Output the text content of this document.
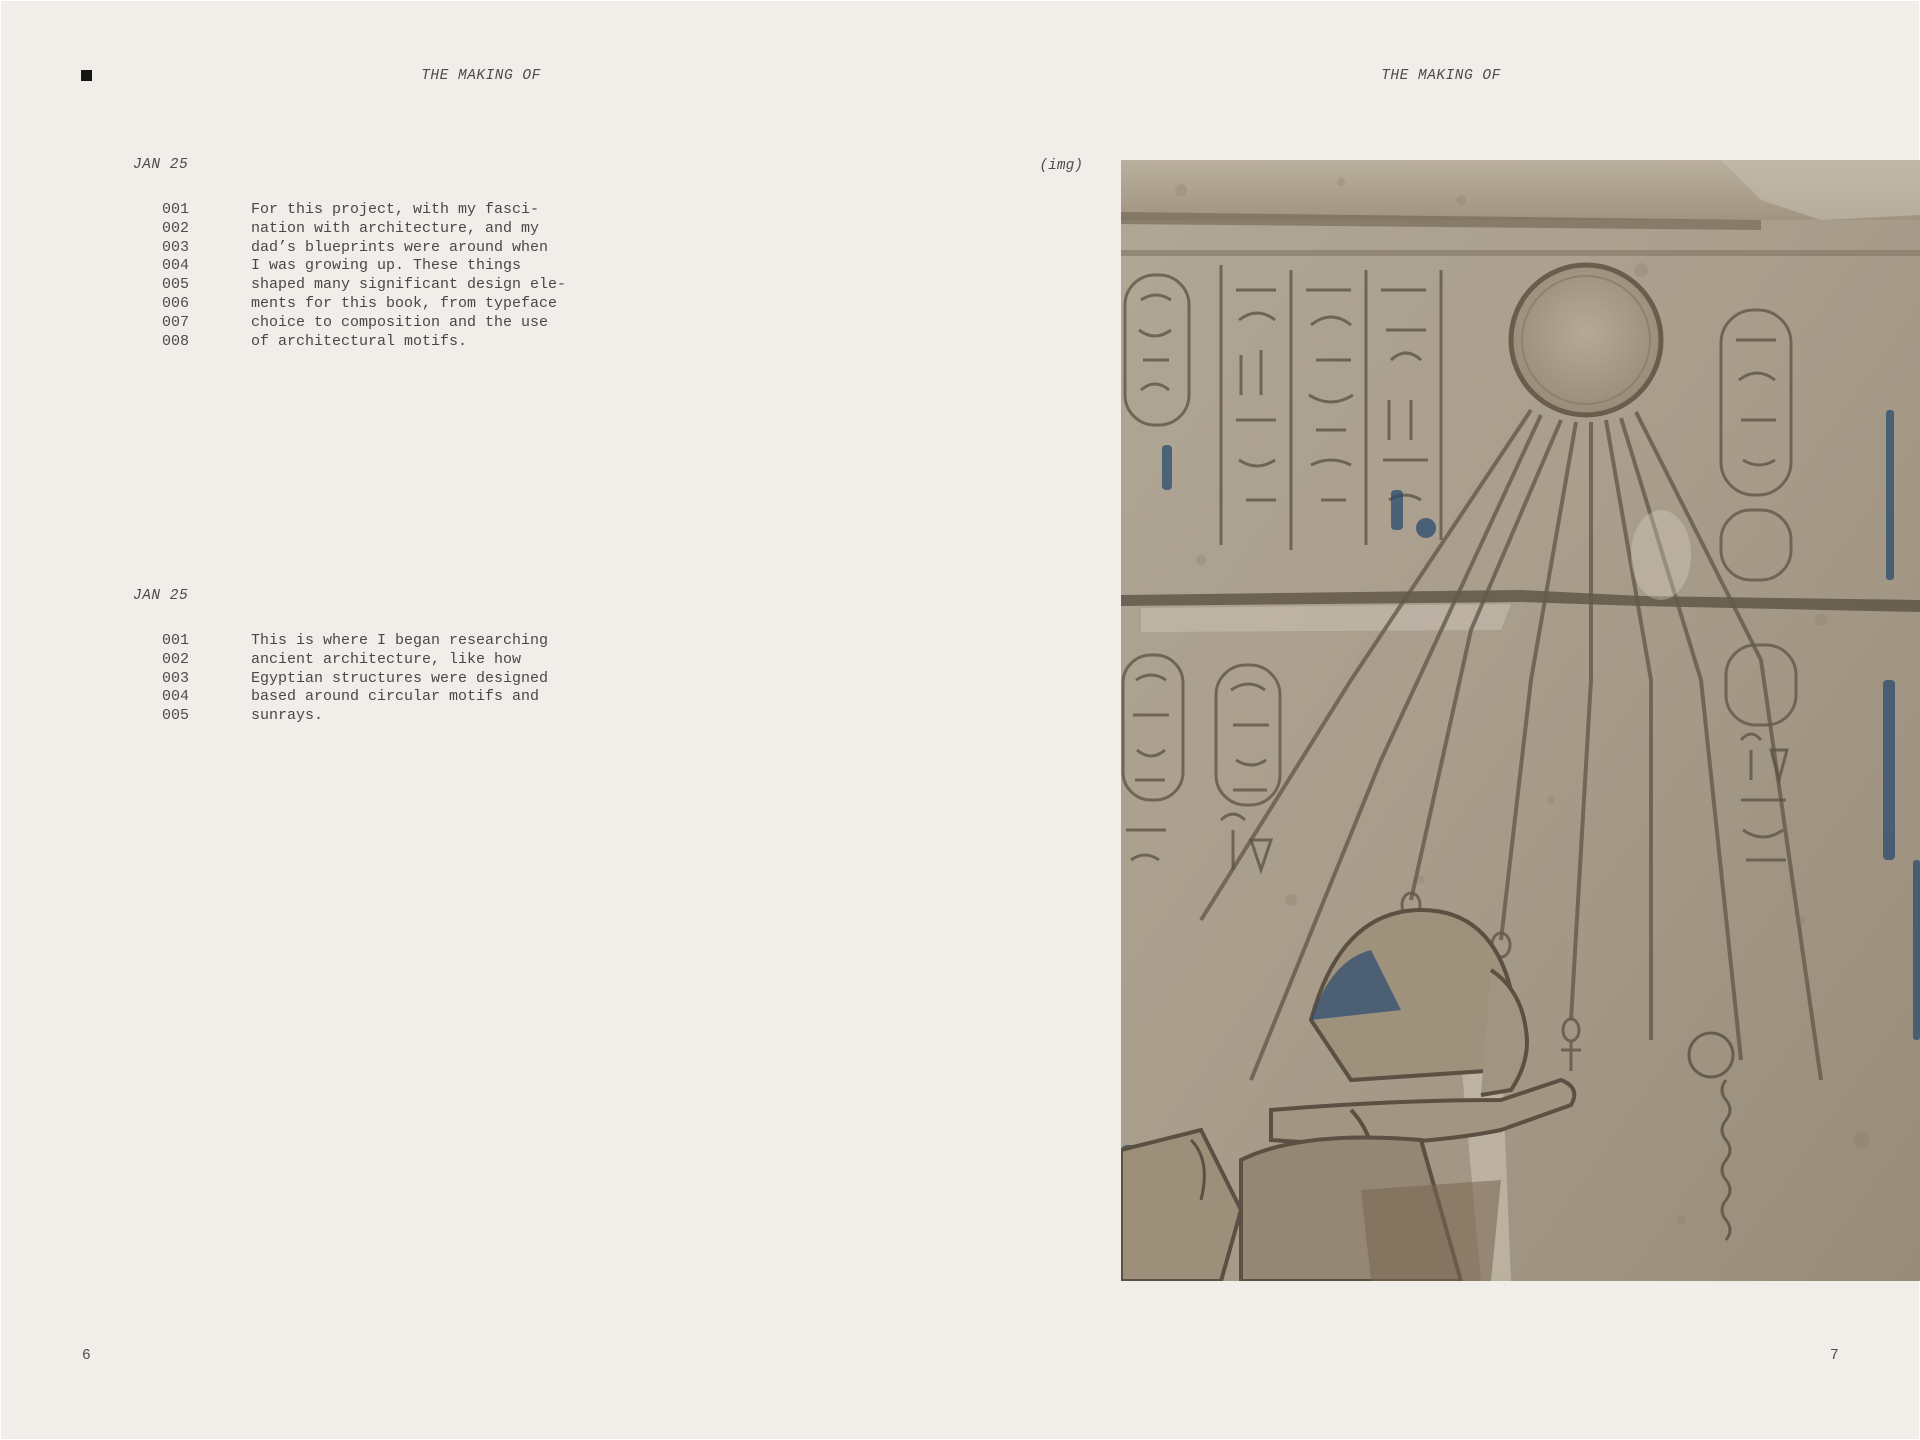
THE MAKING OF
JAN 25
001	For this project, with my fasci-
002	nation with architecture, and my
003	dad’s blueprints were around when
004	I was growing up. These things
005	shaped many significant design ele-
006	ments for this book, from typeface
007	choice to composition and the use
008	of architectural motifs.
JAN 25
001	This is where I began researching
002	ancient architecture, like how
003	Egyptian structures were designed
004	based around circular motifs and
005	sunrays.
(img)
6
THE MAKING OF
7
